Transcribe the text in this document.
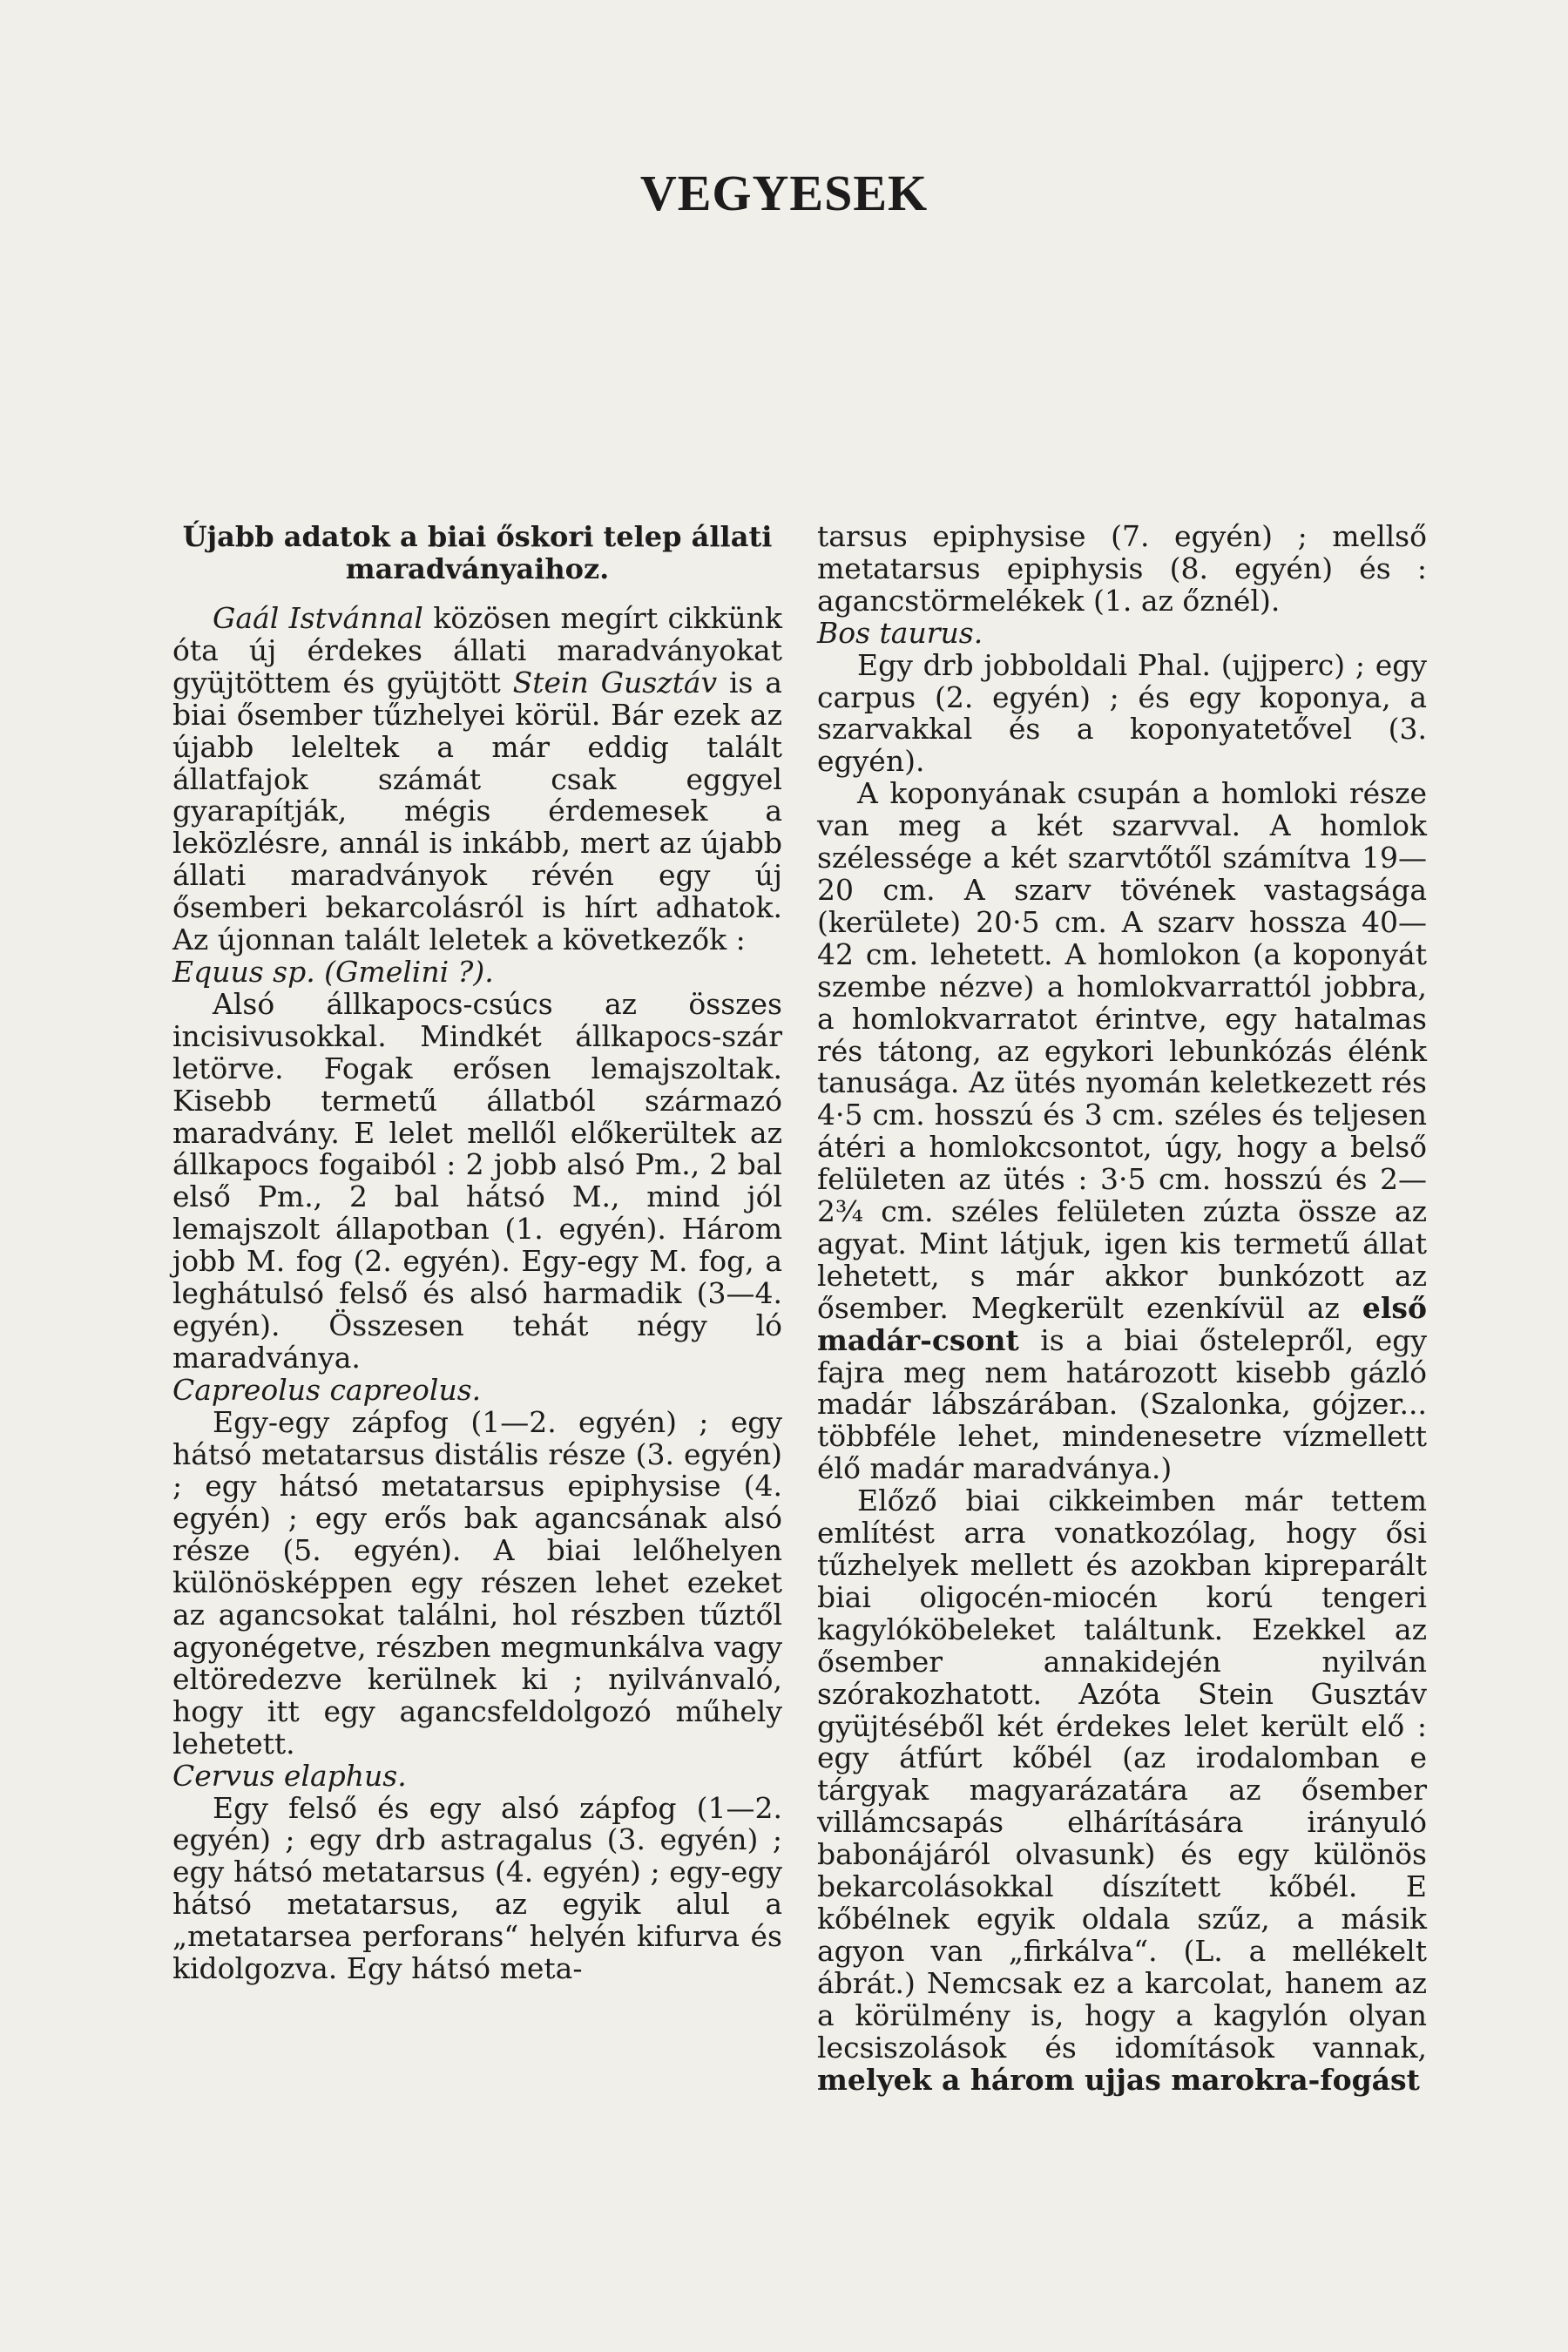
VEGYESEK
Újabb adatok a biai őskori telep állati maradványaihoz.

Gaál Istvánnal közösen megírt cikkünk óta új érdekes állati maradványokat gyüjtöttem és gyüjtött Stein Gusztáv is a biai ősember tűzhelyei körül. Bár ezek az újabb leleltek a már eddig talált állatfajok számát csak eggyel gyarapítják, mégis érdemesek a leközlésre, annál is inkább, mert az újabb állati maradványok révén egy új ősemberi bekarcolásról is hírt adhatok. Az újonnan talált leletek a következők :

Equus sp. (Gmelini ?).

Alsó állkapocs-csúcs az összes incisivusokkal. Mindkét állkapocs-szár letörve. Fogak erősen lemajszoltak. Kisebb termetű állatból származó maradvány. E lelet mellől előkerültek az állkapocs fogaiból : 2 jobb alsó Pm., 2 bal első Pm., 2 bal hátsó M., mind jól lemajszolt állapotban (1. egyén). Három jobb M. fog (2. egyén). Egy-egy M. fog, a leghátulsó felső és alsó harmadik (3—4. egyén). Összesen tehát négy ló maradványa.

Capreolus capreolus.

Egy-egy zápfog (1—2. egyén) ; egy hátsó metatarsus distális része (3. egyén) ; egy hátsó metatarsus epiphysise (4. egyén) ; egy erős bak agancsának alsó része (5. egyén). A biai lelőhelyen különösképpen egy részen lehet ezeket az agancsokat találni, hol részben tűztől agyonégetve, részben megmunkálva vagy eltöredezve kerülnek ki ; nyilvánvaló, hogy itt egy agancsfeldolgozó műhely lehetett.

Cervus elaphus.

Egy felső és egy alsó zápfog (1—2. egyén) ; egy drb astragalus (3. egyén) ; egy hátsó metatarsus (4. egyén) ; egy-egy hátsó metatarsus, az egyik alul a „metatarsea perforans“ helyén kifurva és kidolgozva. Egy hátsó meta-

tarsus epiphysise (7. egyén) ; mellső metatarsus epiphysis (8. egyén) és : agancstörmelékek (1. az őznél).

Bos taurus.

Egy drb jobboldali Phal. (ujjperc) ; egy carpus (2. egyén) ; és egy koponya, a szarvakkal és a koponyatetővel (3. egyén).

A koponyának csupán a homloki része van meg a két szarvval. A homlok szélessége a két szarvtőtől számítva 19—20 cm. A szarv tövének vastagsága (kerülete) 20·5 cm. A szarv hossza 40—42 cm. lehetett. A homlokon (a koponyát szembe nézve) a homlokvarrattól jobbra, a homlokvarratot érintve, egy hatalmas rés tátong, az egykori lebunkózás élénk tanusága. Az ütés nyomán keletkezett rés 4·5 cm. hosszú és 3 cm. széles és teljesen átéri a homlokcsontot, úgy, hogy a belső felületen az ütés : 3·5 cm. hosszú és 2—2¾ cm. széles felületen zúzta össze az agyat. Mint látjuk, igen kis termetű állat lehetett, s már akkor bunkózott az ősember. Megkerült ezenkívül az első madár-csont is a biai őstelepről, egy fajra meg nem határozott kisebb gázló madár lábszárában. (Szalonka, gójzer... többféle lehet, mindenesetre vízmellett élő madár maradványa.)

Előző biai cikkeimben már tettem említést arra vonatkozólag, hogy ősi tűzhelyek mellett és azokban kipreparált biai oligocén-miocén korú tengeri kagylóköbeleket találtunk. Ezekkel az ősember annakidején nyilván szórakozhatott. Azóta Stein Gusztáv gyüjtéséből két érdekes lelet került elő : egy átfúrt kőbél (az irodalomban e tárgyak magyarázatára az ősember villámcsapás elhárítására irányuló babonájáról olvasunk) és egy különös bekarcolásokkal díszített kőbél. E kőbélnek egyik oldala szűz, a másik agyon van „firkálva“. (L. a mellékelt ábrát.) Nemcsak ez a karcolat, hanem az a körülmény is, hogy a kagylón olyan lecsiszolások és idomítások vannak, melyek a három ujjas marokra-fogást
